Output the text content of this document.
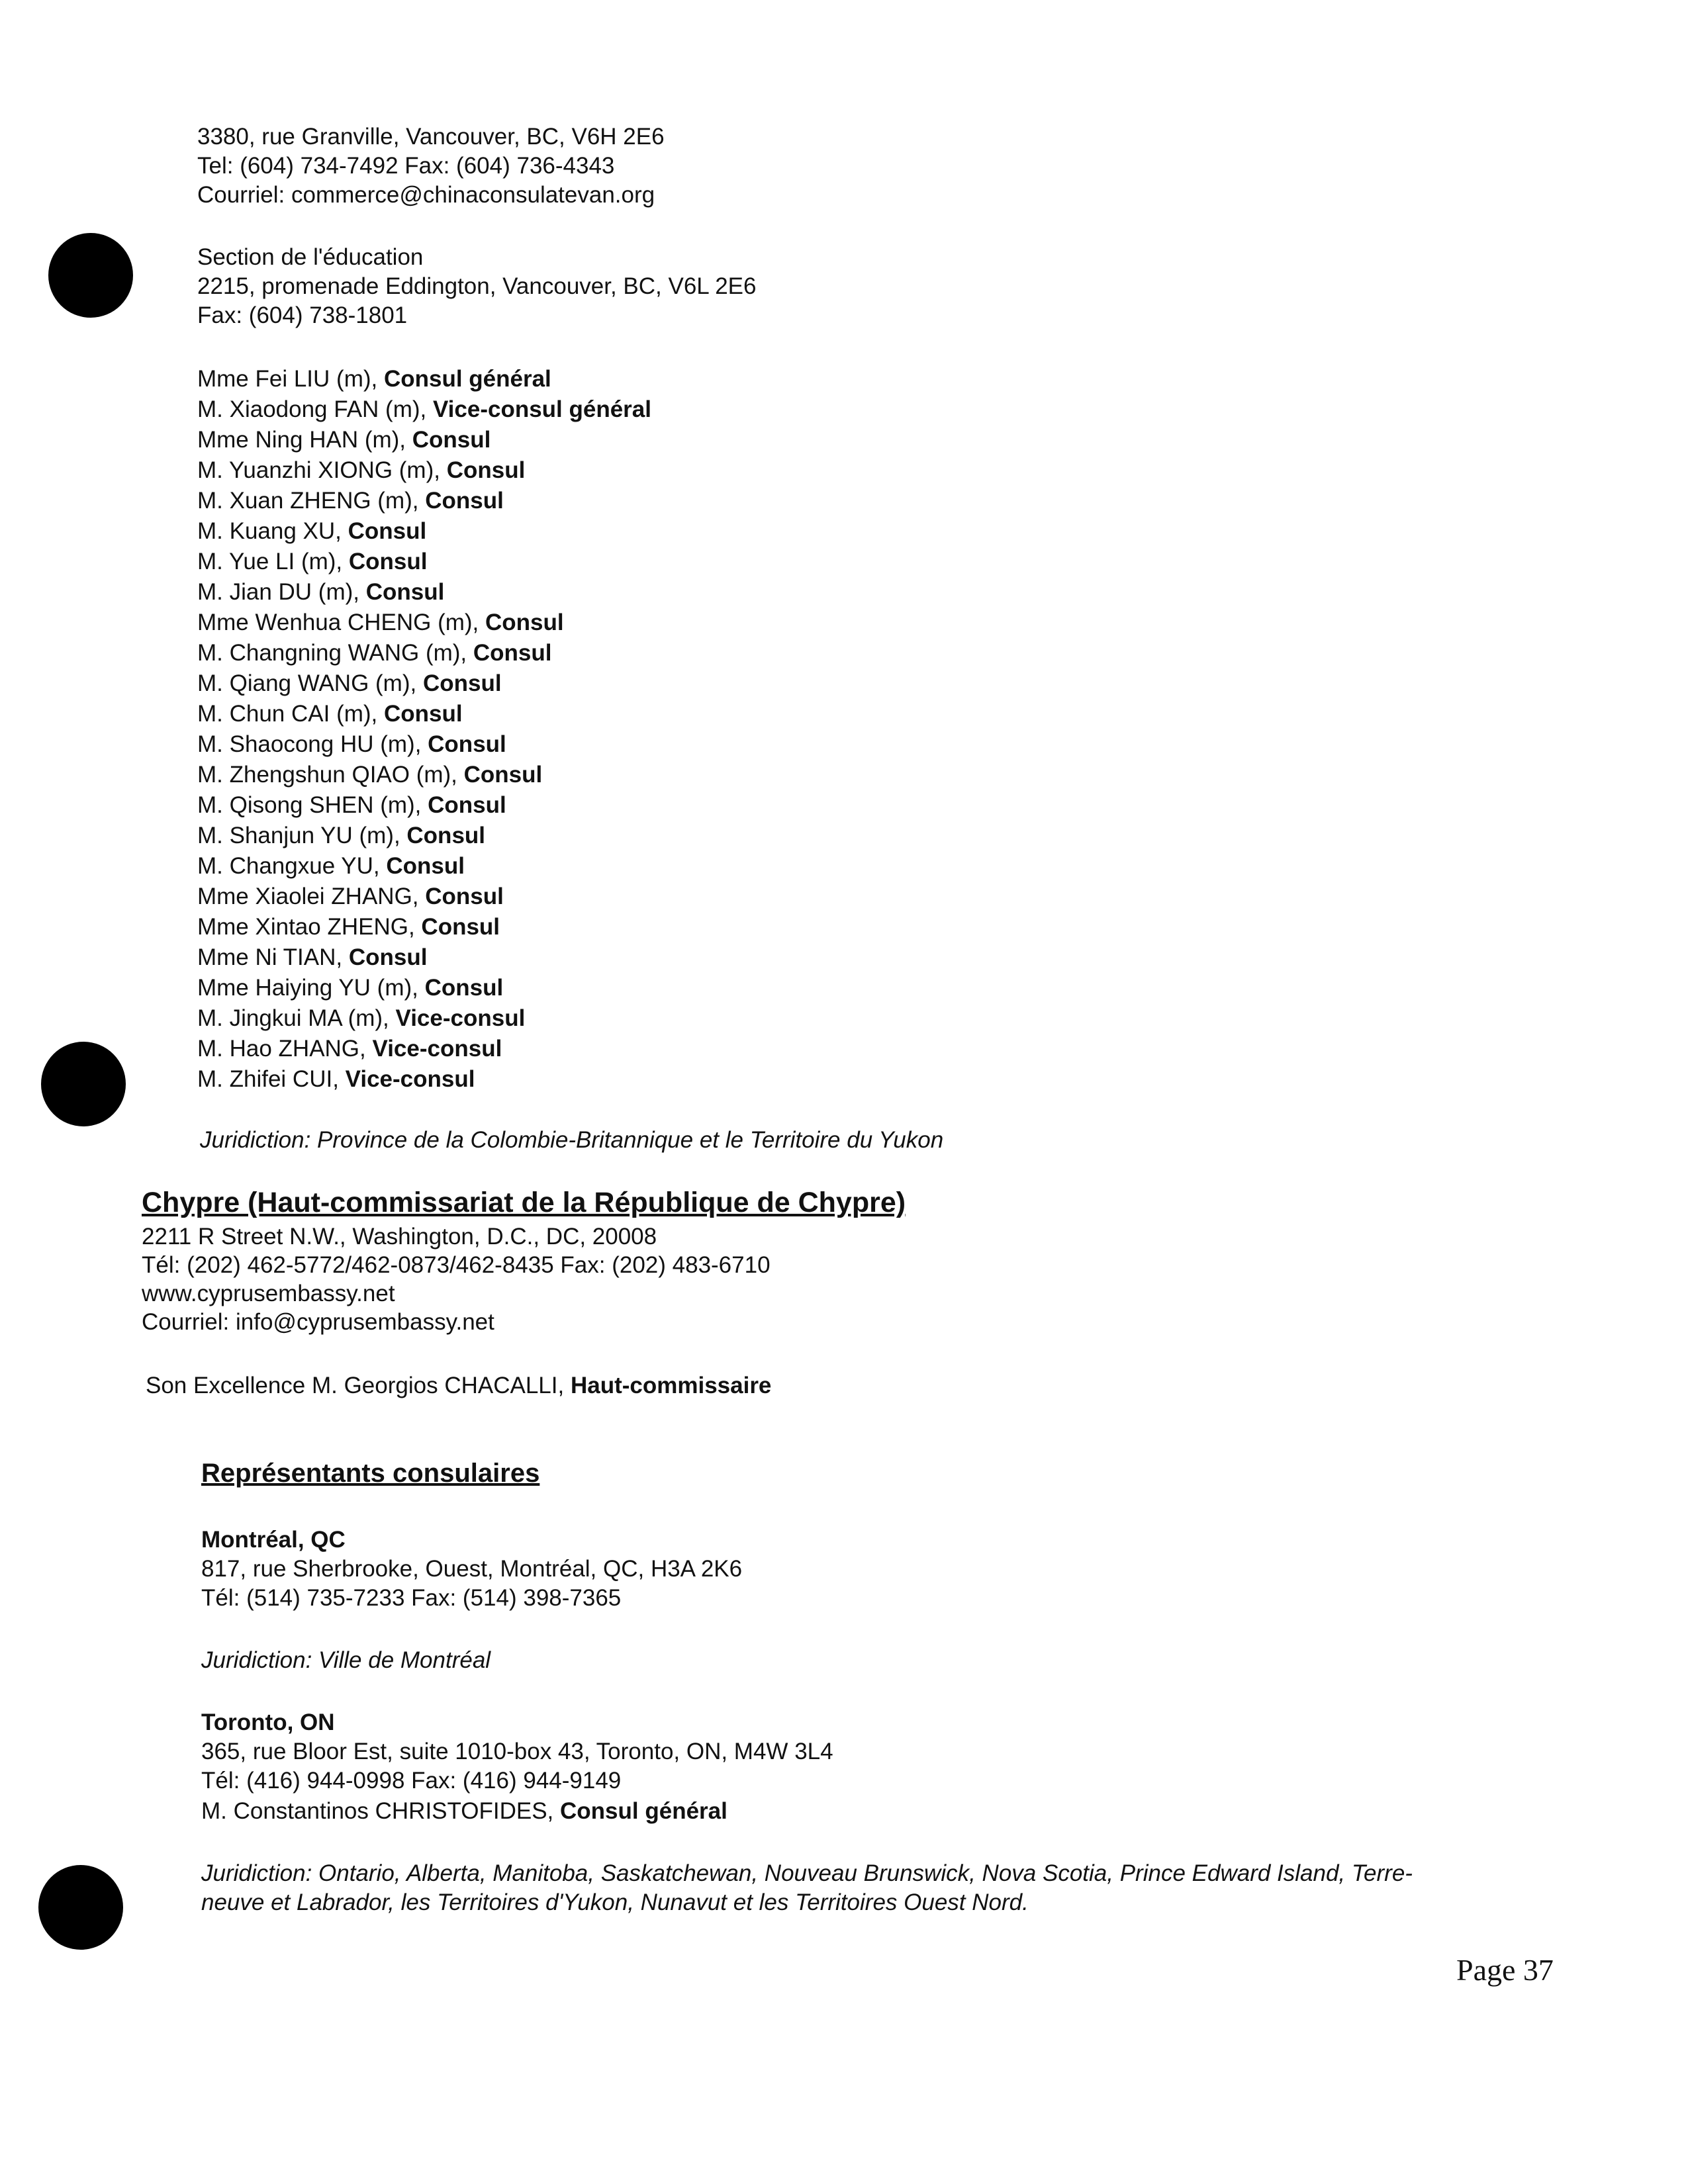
3380, rue Granville, Vancouver, BC, V6H 2E6
Tel: (604) 734-7492 Fax: (604) 736-4343
Courriel: commerce@chinaconsulatevan.org
Section de l'éducation
2215, promenade Eddington, Vancouver, BC, V6L 2E6
Fax: (604) 738-1801
Mme Fei LIU (m), Consul général
M. Xiaodong FAN (m), Vice-consul général
Mme Ning HAN (m), Consul
M. Yuanzhi XIONG (m), Consul
M. Xuan ZHENG (m), Consul
M. Kuang XU, Consul
M. Yue LI (m), Consul
M. Jian DU (m), Consul
Mme Wenhua CHENG (m), Consul
M. Changning WANG (m), Consul
M. Qiang WANG (m), Consul
M. Chun CAI (m), Consul
M. Shaocong HU (m), Consul
M. Zhengshun QIAO (m), Consul
M. Qisong SHEN (m), Consul
M. Shanjun YU (m), Consul
M. Changxue YU, Consul
Mme Xiaolei ZHANG, Consul
Mme Xintao ZHENG, Consul
Mme Ni TIAN, Consul
Mme Haiying YU (m), Consul
M. Jingkui MA (m), Vice-consul
M. Hao ZHANG, Vice-consul
M. Zhifei CUI, Vice-consul
Juridiction: Province de la Colombie-Britannique et le Territoire du Yukon
Chypre (Haut-commissariat de la République de Chypre)
2211 R Street N.W., Washington, D.C., DC, 20008
Tél: (202) 462-5772/462-0873/462-8435 Fax: (202) 483-6710
www.cyprusembassy.net
Courriel: info@cyprusembassy.net
Son Excellence M. Georgios CHACALLI, Haut-commissaire
Représentants consulaires
Montréal, QC
817, rue Sherbrooke, Ouest, Montréal, QC, H3A 2K6
Tél: (514) 735-7233 Fax: (514) 398-7365
Juridiction: Ville de Montréal
Toronto, ON
365, rue Bloor Est, suite 1010-box 43, Toronto, ON, M4W 3L4
Tél: (416) 944-0998 Fax: (416) 944-9149
M. Constantinos CHRISTOFIDES, Consul général
Juridiction: Ontario, Alberta, Manitoba, Saskatchewan, Nouveau Brunswick, Nova Scotia, Prince Edward Island, Terre-
neuve et Labrador, les Territoires d'Yukon, Nunavut et les Territoires Ouest Nord.
Page 37
